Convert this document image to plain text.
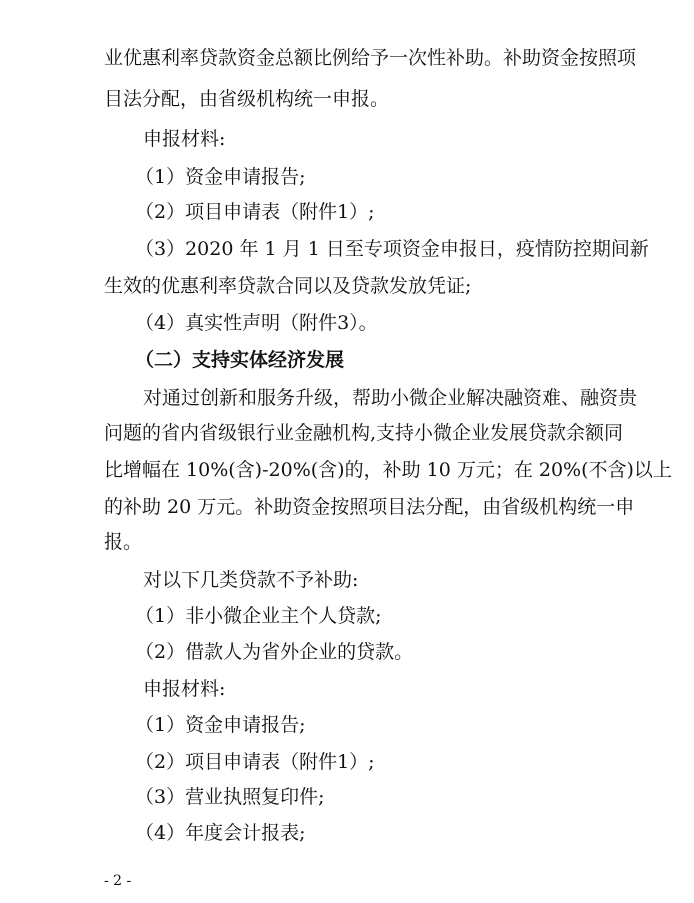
业优惠利率贷款资金总额比例给予一次性补助。补助资金按照项
目法分配，由省级机构统一申报。
申报材料:
（1）资金申请报告;
（2）项目申请表（附件1）;
（3）2020 年 1 月 1 日至专项资金申报日，疫情防控期间新
生效的优惠利率贷款合同以及贷款发放凭证;
（4）真实性声明（附件3）。
（二）支持实体经济发展
对通过创新和服务升级，帮助小微企业解决融资难、融资贵
问题的省内省级银行业金融机构,支持小微企业发展贷款余额同
比增幅在 10%(含)-20%(含)的，补助 10 万元；在 20%(不含)以上
的补助 20 万元。补助资金按照项目法分配，由省级机构统一申
报。
对以下几类贷款不予补助:
（1）非小微企业主个人贷款;
（2）借款人为省外企业的贷款。
申报材料:
（1）资金申请报告;
（2）项目申请表（附件1）;
（3）营业执照复印件;
（4）年度会计报表;
- 2 -
